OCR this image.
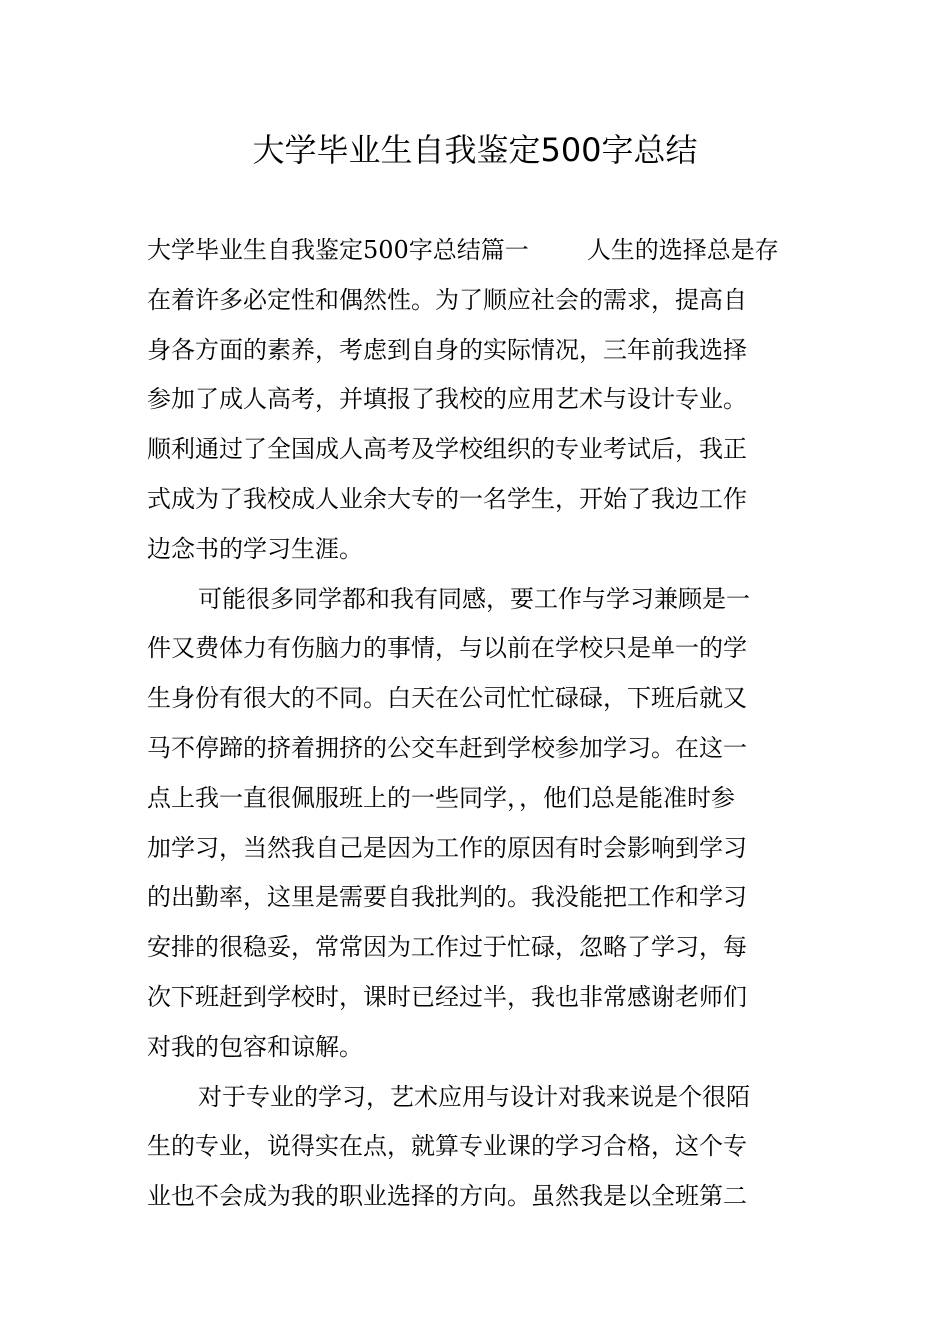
大学毕业生自我鉴定500字总结
大学毕业生自我鉴定500字总结篇一 人生的选择总是存
在着许多必定性和偶然性。为了顺应社会的需求，提高自
身各方面的素养，考虑到自身的实际情况，三年前我选择
参加了成人高考，并填报了我校的应用艺术与设计专业。
顺利通过了全国成人高考及学校组织的专业考试后，我正
式成为了我校成人业余大专的一名学生，开始了我边工作
边念书的学习生涯。
可能很多同学都和我有同感，要工作与学习兼顾是一
件又费体力有伤脑力的事情，与以前在学校只是单一的学
生身份有很大的不同。白天在公司忙忙碌碌，下班后就又
马不停蹄的挤着拥挤的公交车赶到学校参加学习。在这一
点上我一直很佩服班上的一些同学，，他们总是能准时参
加学习，当然我自己是因为工作的原因有时会影响到学习
的出勤率，这里是需要自我批判的。我没能把工作和学习
安排的很稳妥，常常因为工作过于忙碌，忽略了学习，每
次下班赶到学校时，课时已经过半，我也非常感谢老师们
对我的包容和谅解。
对于专业的学习，艺术应用与设计对我来说是个很陌
生的专业，说得实在点，就算专业课的学习合格，这个专
业也不会成为我的职业选择的方向。虽然我是以全班第二
